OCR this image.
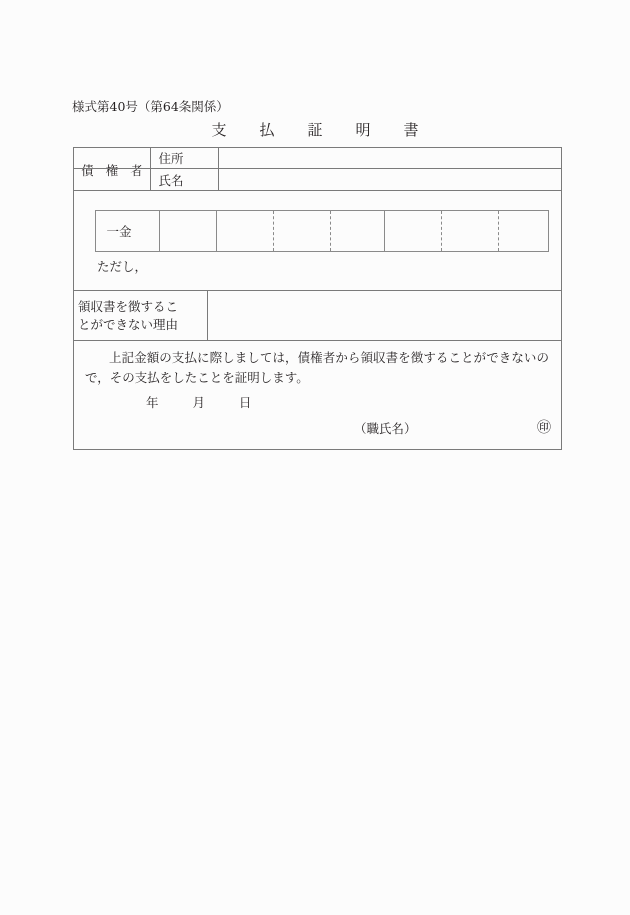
様式第40号（第64条関係）
支　払　証　明　書
債 権 者
住所
氏名
一金
ただし，
領収書を徴するこ
とができない理由
上記金額の支払に際しましては，債権者から領収書を徴することができないので，その支払をしたことを証明します。
年	月	日
（職氏名）	㊞
